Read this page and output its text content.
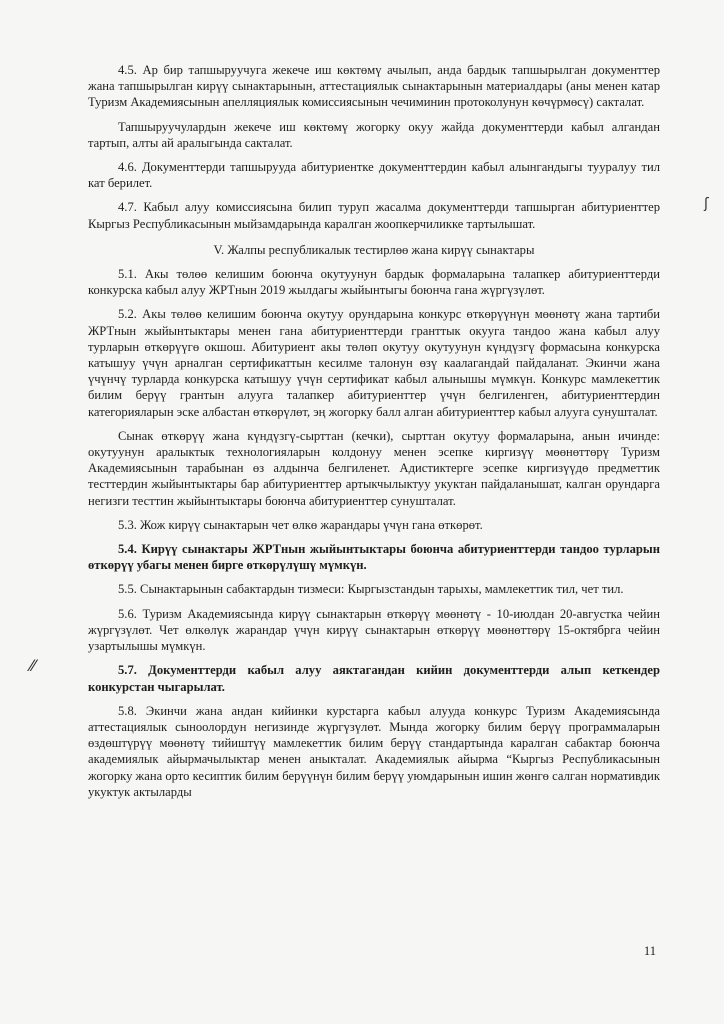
ʃ
⁄⁄

4.5. Ар бир тапшыруучуга жекече иш көктөмү ачылып, анда бардык тапшырылган документтер жана тапшырылган кирүү сынактарынын, аттестациялык сынактарынын материалдары (аны менен катар Туризм Академиясынын апелляциялык комиссиясынын чечиминин протоколунун көчүрмөсү) сакталат.

Тапшыруучулардын жекече иш көктөмү жогорку окуу жайда документтерди кабыл алгандан тартып, алты ай аралыгында сакталат.

4.6. Документтерди тапшырууда абитуриентке документтердин кабыл алынгандыгы тууралуу тил кат берилет.

4.7. Кабыл алуу комиссиясына билип туруп жасалма документтерди тапшырган абитуриенттер Кыргыз Республикасынын мыйзамдарында каралган жоопкерчиликке тартылышат.

V. Жалпы республикалык тестирлөө жана кирүү сынактары

5.1. Акы төлөө келишим боюнча окутуунун бардык формаларына талапкер абитуриенттерди конкурска кабыл алуу ЖРТнын 2019 жылдагы жыйынтыгы боюнча гана жүргүзүлөт.

5.2. Акы төлөө келишим боюнча окутуу орундарына конкурс өткөрүүнүн мөөнөтү жана тартиби ЖРТнын жыйынтыктары менен гана абитуриенттерди гранттык окууга тандоо жана кабыл алуу турларын өткөрүүгө окшош. Абитуриент акы төлөп окутуу окутуунун күндүзгү формасына конкурска катышуу үчүн арналган сертификаттын кесилме талонун өзү каалагандай пайдаланат. Экинчи жана үчүнчү турларда конкурска катышуу үчүн сертификат кабыл алынышы мүмкүн. Конкурс мамлекеттик билим берүү грантын алууга талапкер абитуриенттер үчүн белгиленген, абитуриенттердин категорияларын эске албастан өткөрүлөт, эң жогорку балл алган абитуриенттер кабыл алууга сунушталат.

Сынак өткөрүү жана күндүзгү-сырттан (кечки), сырттан окутуу формаларына, анын ичинде: окутуунун аралыктык технологияларын колдонуу менен эсепке киргизүү мөөнөттөрү Туризм Академиясынын тарабынан өз алдынча белгиленет. Адистиктерге эсепке киргизүүдө предметтик тесттердин жыйынтыктары бар абитуриенттер артыкчылыктуу укуктан пайдаланышат, калган орундарга негизги тесттин жыйынтыктары боюнча абитуриенттер сунушталат.

5.3. Жож кирүү сынактарын чет өлкө жарандары үчүн гана өткөрөт.

5.4. Кирүү сынактары ЖРТнын жыйынтыктары боюнча абитуриенттерди тандоо турларын өткөрүү убагы менен бирге өткөрүлүшү мүмкүн.

5.5. Сынактарынын сабактардын тизмеси: Кыргызстандын тарыхы, мамлекеттик тил, чет тил.

5.6. Туризм Академиясында кирүү сынактарын өткөрүү мөөнөтү - 10-июлдан 20-августка чейин жүргүзүлөт. Чет өлкөлүк жарандар үчүн кирүү сынактарын өткөрүү мөөнөттөрү 15-октябрга чейин узартылышы мүмкүн.

5.7. Документтерди кабыл алуу аяктагандан кийин документтерди алып кеткендер конкурстан чыгарылат.

5.8. Экинчи жана андан кийинки курстарга кабыл алууда конкурс Туризм Академиясында аттестациялык сыноолордун негизинде жүргүзүлөт. Мында жогорку билим берүү программаларын өздөштүрүү мөөнөтү тийиштүү мамлекеттик билим берүү стандартында каралган сабактар боюнча академиялык айырмачылыктар менен аныкталат. Академиялык айырма “Кыргыз Республикасынын жогорку жана орто кесиптик билим берүүнүн билим берүү уюмдарынын ишин жөнгө салган нормативдик укуктук актыларды

11
